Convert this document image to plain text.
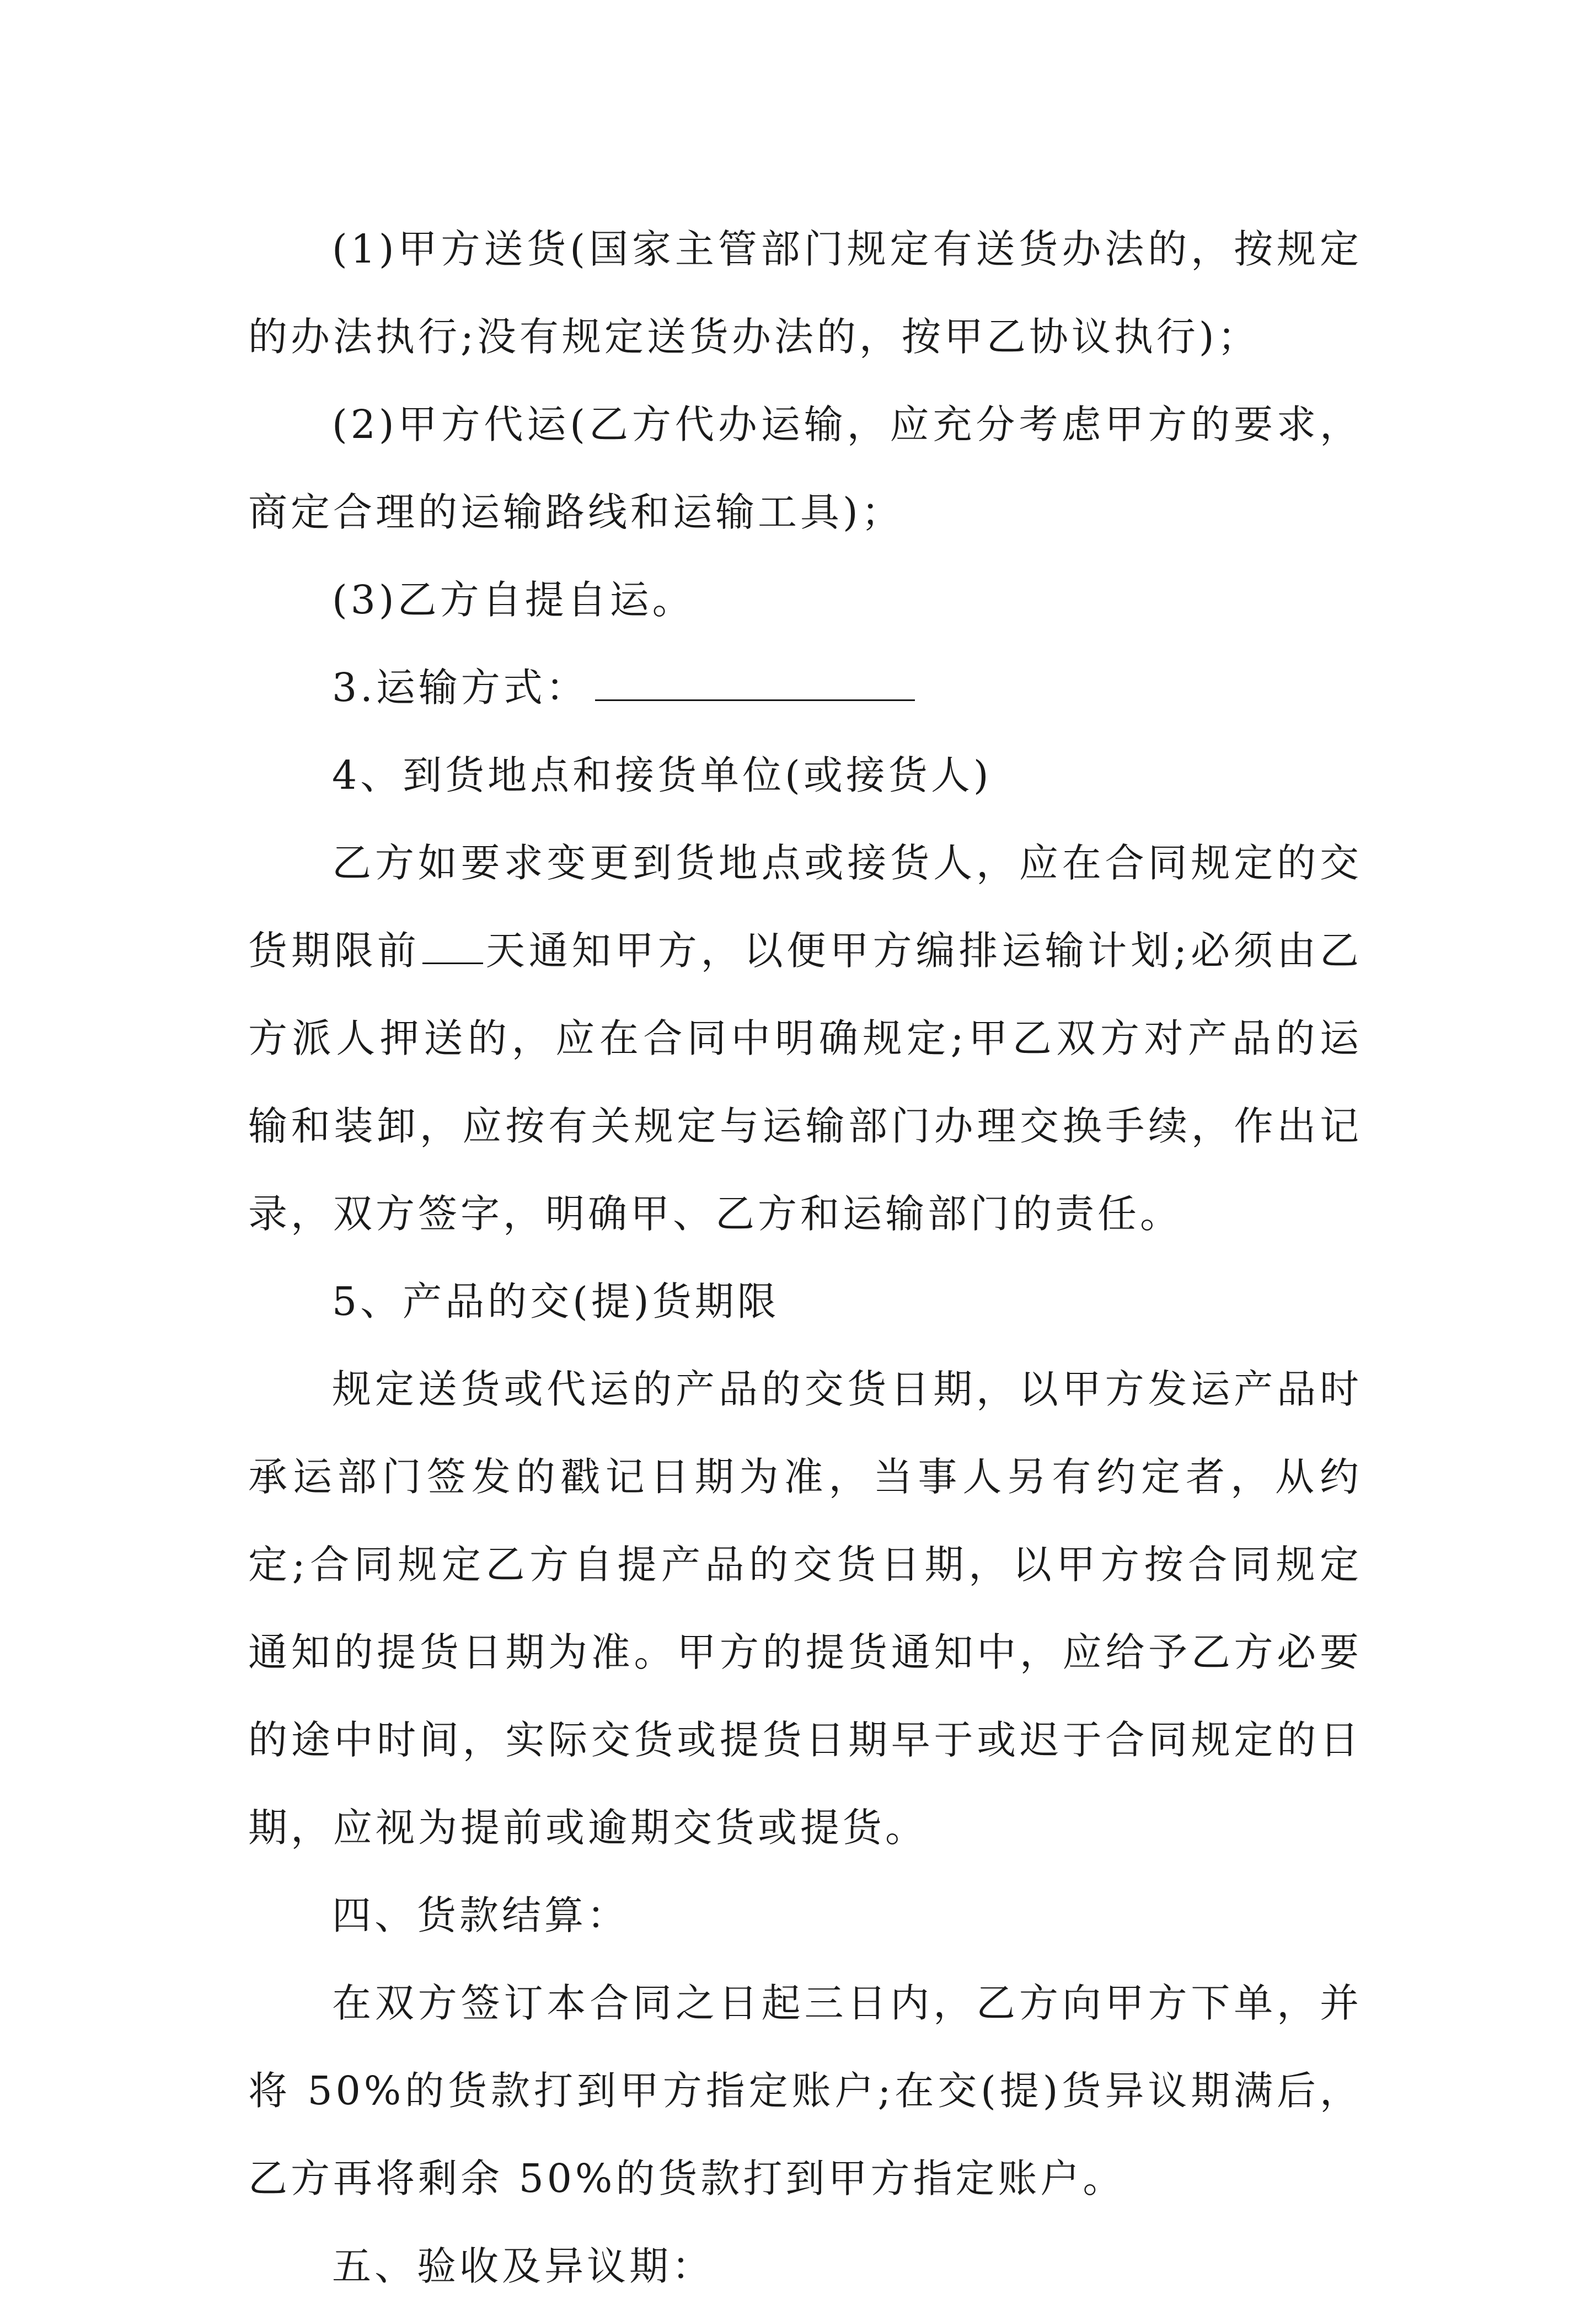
(1)甲方送货(国家主管部门规定有送货办法的，按规定的办法执行;没有规定送货办法的，按甲乙协议执行)；

(2)甲方代运(乙方代办运输，应充分考虑甲方的要求，商定合理的运输路线和运输工具)；

(3)乙方自提自运。

3.运输方式：

4、到货地点和接货单位(或接货人)

乙方如要求变更到货地点或接货人，应在合同规定的交货期限前 天通知甲方，以便甲方编排运输计划;必须由乙方派人押送的，应在合同中明确规定;甲乙双方对产品的运输和装卸，应按有关规定与运输部门办理交换手续，作出记录，双方签字，明确甲、乙方和运输部门的责任。

5、产品的交(提)货期限

规定送货或代运的产品的交货日期，以甲方发运产品时承运部门签发的戳记日期为准，当事人另有约定者，从约定;合同规定乙方自提产品的交货日期，以甲方按合同规定通知的提货日期为准。甲方的提货通知中，应给予乙方必要的途中时间，实际交货或提货日期早于或迟于合同规定的日期，应视为提前或逾期交货或提货。

四、货款结算：

在双方签订本合同之日起三日内，乙方向甲方下单，并将 50%的货款打到甲方指定账户;在交(提)货异议期满后，乙方再将剩余 50%的货款打到甲方指定账户。

五、验收及异议期：
